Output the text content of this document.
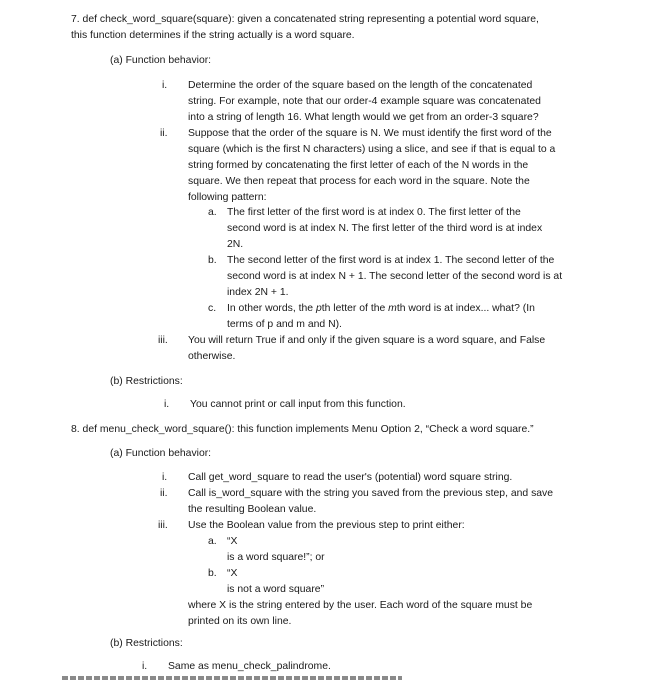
7. def check_word_square(square): given a concatenated string representing a potential word square,
this function determines if the string actually is a word square.
(a) Function behavior:
i. Determine the order of the square based on the length of the concatenated
string. For example, note that our order-4 example square was concatenated
into a string of length 16. What length would we get from an order-3 square?
ii. Suppose that the order of the square is N. We must identify the first word of the
square (which is the first N characters) using a slice, and see if that is equal to a
string formed by concatenating the first letter of each of the N words in the
square. We then repeat that process for each word in the square. Note the
following pattern:
a. The first letter of the first word is at index 0. The first letter of the
second word is at index N. The first letter of the third word is at index
2N.
b. The second letter of the first word is at index 1. The second letter of the
second word is at index N + 1. The second letter of the second word is at
index 2N + 1.
c. In other words, the pth letter of the mth word is at index... what? (In
terms of p and m and N).
iii. You will return True if and only if the given square is a word square, and False
otherwise.
(b) Restrictions:
i. You cannot print or call input from this function.
8. def menu_check_word_square(): this function implements Menu Option 2, “Check a word square.”
(a) Function behavior:
i. Call get_word_square to read the user's (potential) word square string.
ii. Call is_word_square with the string you saved from the previous step, and save
the resulting Boolean value.
iii. Use the Boolean value from the previous step to print either:
a. “X
is a word square!”; or
b. “X
is not a word square”
where X is the string entered by the user. Each word of the square must be
printed on its own line.
(b) Restrictions:
i. Same as menu_check_palindrome.
